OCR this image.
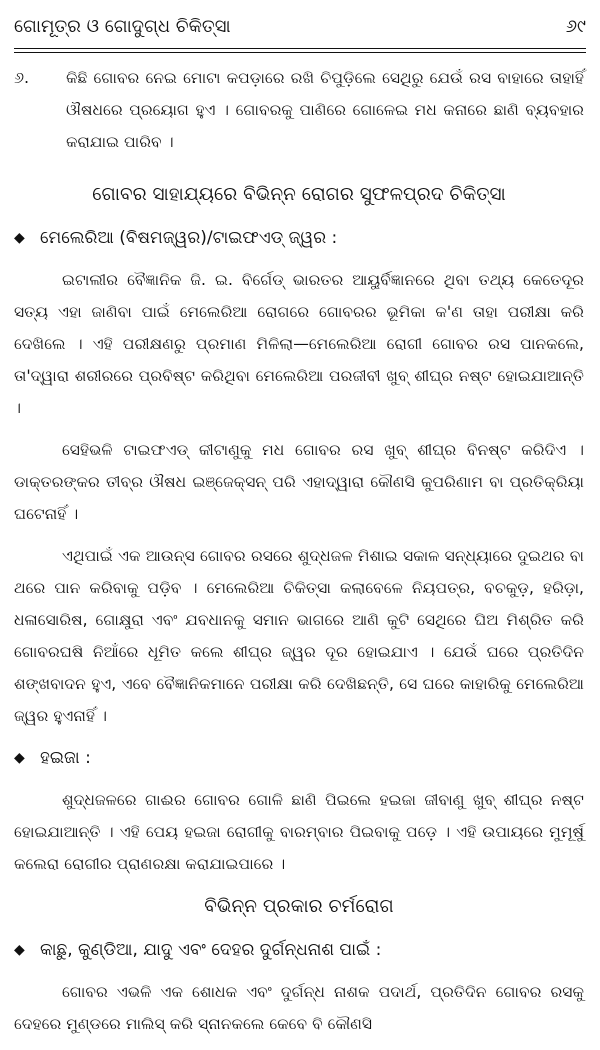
ଗୋମୂତ୍ର ଓ ଗୋଦୁଗ୍ଧ ଚିକିତ୍ସା	୬୯
୬.	କିଛି ଗୋବର ନେଇ ମୋଟା କପଡ଼ାରେ ରଖି ଚିପୁଡ଼ିଲେ ସେଥିରୁ ଯେଉଁ ରସ ବାହାରେ ତାହାହିଁ ଔଷଧରେ ପ୍ରୟୋଗ ହୁଏ । ଗୋବରକୁ ପାଣିରେ ଗୋଳେଇ ମଧ କନାରେ ଛାଣି ବ୍ୟବହାର କରାଯାଇ ପାରିବ ।

ଗୋବର ସାହାଯ୍ୟରେ ବିଭିନ୍ନ ରୋଗର ସୁଫଳପ୍ରଦ ଚିକିତ୍ସା
◆ ମେଲେରିଆ (ବିଷମଜ୍ୱର)/ଟାଇଫଏଡ୍ ଜ୍ୱର :

ଇଟାଲୀର ବୈଜ୍ଞାନିକ ଜି. ଇ. ବିର୍ଗେଡ୍ ଭାରତର ଆୟୁର୍ବିଜ୍ଞାନରେ ଥିବା ତଥ୍ୟ କେତେଦୂର ସତ୍ୟ ଏହା ଜାଣିବା ପାଇଁ ମେଲେରିଆ ରୋଗରେ ଗୋବରର ଭୂମିକା କ'ଣ ତାହା ପରୀକ୍ଷା କରି ଦେଖିଲେ । ଏହି ପରୀକ୍ଷଣରୁ ପ୍ରମାଣ ମିଳିଲା—ମେଲେରିଆ ରୋଗୀ ଗୋବର ରସ ପାନକଲେ, ତା'ଦ୍ୱାରା ଶରୀରରେ ପ୍ରବିଷ୍ଟ କରିଥିବା ମେଲେରିଆ ପରଜୀବୀ ଖୁବ୍ ଶୀଘ୍ର ନଷ୍ଟ ହୋଇଯାଆନ୍ତି ।

ସେହିଭଳି ଟାଇଫଏଡ୍ କୀଟାଣୁକୁ ମଧ ଗୋବର ରସ ଖୁବ୍ ଶୀଘ୍ର ବିନଷ୍ଟ କରିଦିଏ । ଡାକ୍ତରଙ୍କର ତୀବ୍ର ଔଷଧ ଇଞ୍ଜେକ୍ସନ୍ ପରି ଏହାଦ୍ୱାରା କୌଣସି କୁପରିଣାମ ବା ପ୍ରତିକ୍ରିୟା ଘଟେନାହିଁ ।

ଏଥିପାଇଁ ଏକ ଆଉନ୍‌ସ ଗୋବର ରସରେ ଶୁଦ୍ଧଜଳ ମିଶାଇ ସକାଳ ସନ୍ଧ୍ୟାରେ ଦୁଇଥର ବା ଥରେ ପାନ କରିବାକୁ ପଡ଼ିବ । ମେଲେରିଆ ଚିକିତ୍ସା କଲାବେଳେ ନିୟପତ୍ର, ବଚକୁଡ଼, ହରିଡ଼ା, ଧଳାସୋରିଷ, ଗୋକ୍ଷୁରା ଏବଂ ଯବଧାନକୁ ସମାନ ଭାଗରେ ଆଣି କୁଟି ସେଥିରେ ଘିଅ ମିଶ୍ରିତ କରି ଗୋବରଘଷି ନିଆଁରେ ଧୂମିତ କଲେ ଶୀଘ୍ର ଜ୍ୱର ଦୂର ହୋଇଯାଏ । ଯେଉଁ ଘରେ ପ୍ରତିଦିନ ଶଙ୍ଖବାଦନ ହୁଏ, ଏବେ ବୈଜ୍ଞାନିକମାନେ ପରୀକ୍ଷା କରି ଦେଖିଛନ୍ତି, ସେ ଘରେ କାହାରିକୁ ମେଲେରିଆ ଜ୍ୱର ହୁଏନାହିଁ ।

◆ ହଇଜା :

ଶୁଦ୍ଧଜଳରେ ଗାଈର ଗୋବର ଗୋଳି ଛାଣି ପିଇଲେ ହଇଜା ଜୀବାଣୁ ଖୁବ୍ ଶୀଘ୍ର ନଷ୍ଟ ହୋଇଯାଆନ୍ତି । ଏହି ପେୟ ହଇଜା ରୋଗୀକୁ ବାରମ୍ବାର ପିଇବାକୁ ପଡ଼େ । ଏହି ଉପାୟରେ ମୁମୂର୍ଷୁ କଲେରା ରୋଗୀର ପ୍ରାଣରକ୍ଷା କରାଯାଇପାରେ ।

ବିଭିନ୍ନ ପ୍ରକାର ଚର୍ମରୋଗ
◆ କାଛୁ, କୁଣ୍ଡିଆ, ଯାଦୁ ଏବଂ ଦେହର ଦୁର୍ଗନ୍ଧନାଶ ପାଇଁ :

ଗୋବର ଏଭଳି ଏକ ଶୋଧକ ଏବଂ ଦୁର୍ଗନ୍ଧ ନାଶକ ପଦାର୍ଥ, ପ୍ରତିଦିନ ଗୋବର ରସକୁ ଦେହରେ ମୁଣ୍ଡରେ ମାଲିସ୍ କରି ସ୍ନାନକଲେ କେବେ ବି କୌଣସି
